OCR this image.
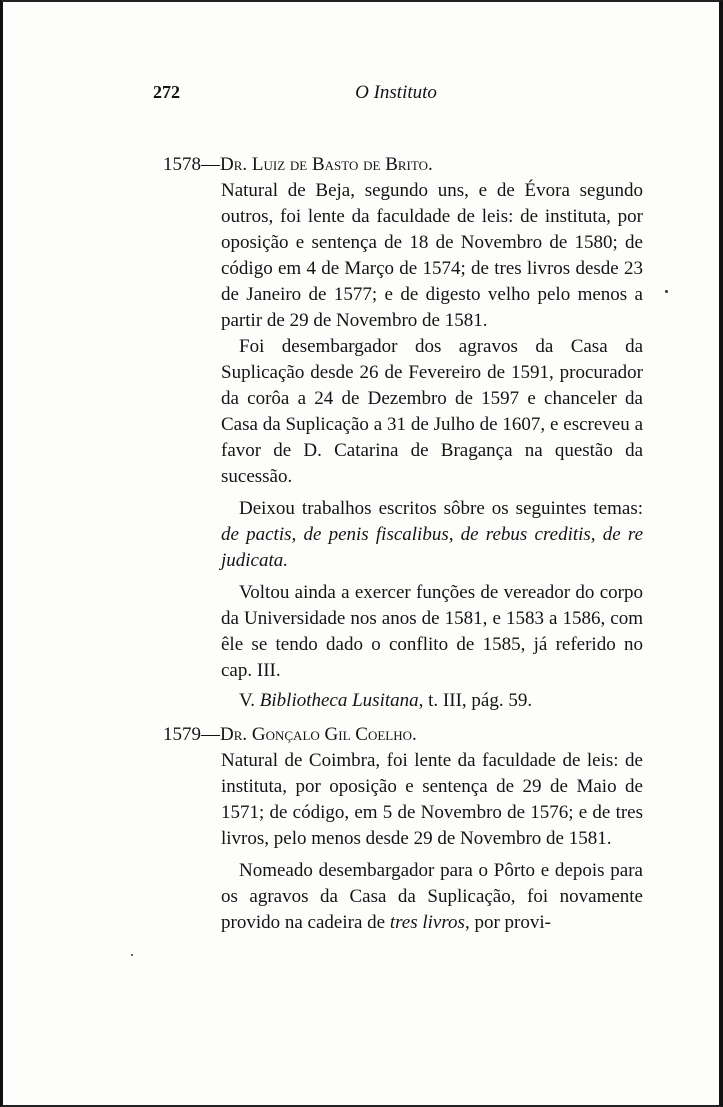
272	O Instituto
1578—Dr. Luiz de Basto de Brito.

Natural de Beja, segundo uns, e de Évora segundo outros, foi lente da faculdade de leis: de instituta, por oposição e sentença de 18 de Novembro de 1580; de código em 4 de Março de 1574; de tres livros desde 23 de Janeiro de 1577; e de digesto velho pelo menos a partir de 29 de Novembro de 1581.

Foi desembargador dos agravos da Casa da Suplicação desde 26 de Fevereiro de 1591, procurador da corôa a 24 de Dezembro de 1597 e chanceler da Casa da Suplicação a 31 de Julho de 1607, e escreveu a favor de D. Catarina de Bragança na questão da sucessão.

Deixou trabalhos escritos sôbre os seguintes temas: de pactis, de penis fiscalibus, de rebus creditis, de re judicata.

Voltou ainda a exercer funções de vereador do corpo da Universidade nos anos de 1581, e 1583 a 1586, com êle se tendo dado o conflito de 1585, já referido no cap. III.

V. Bibliotheca Lusitana, t. III, pág. 59.

1579—Dr. Gonçalo Gil Coelho.

Natural de Coimbra, foi lente da faculdade de leis: de instituta, por oposição e sentença de 29 de Maio de 1571; de código, em 5 de Novembro de 1576; e de tres livros, pelo menos desde 29 de Novembro de 1581.

Nomeado desembargador para o Pôrto e depois para os agravos da Casa da Suplicação, foi novamente provido na cadeira de tres livros, por provi-
